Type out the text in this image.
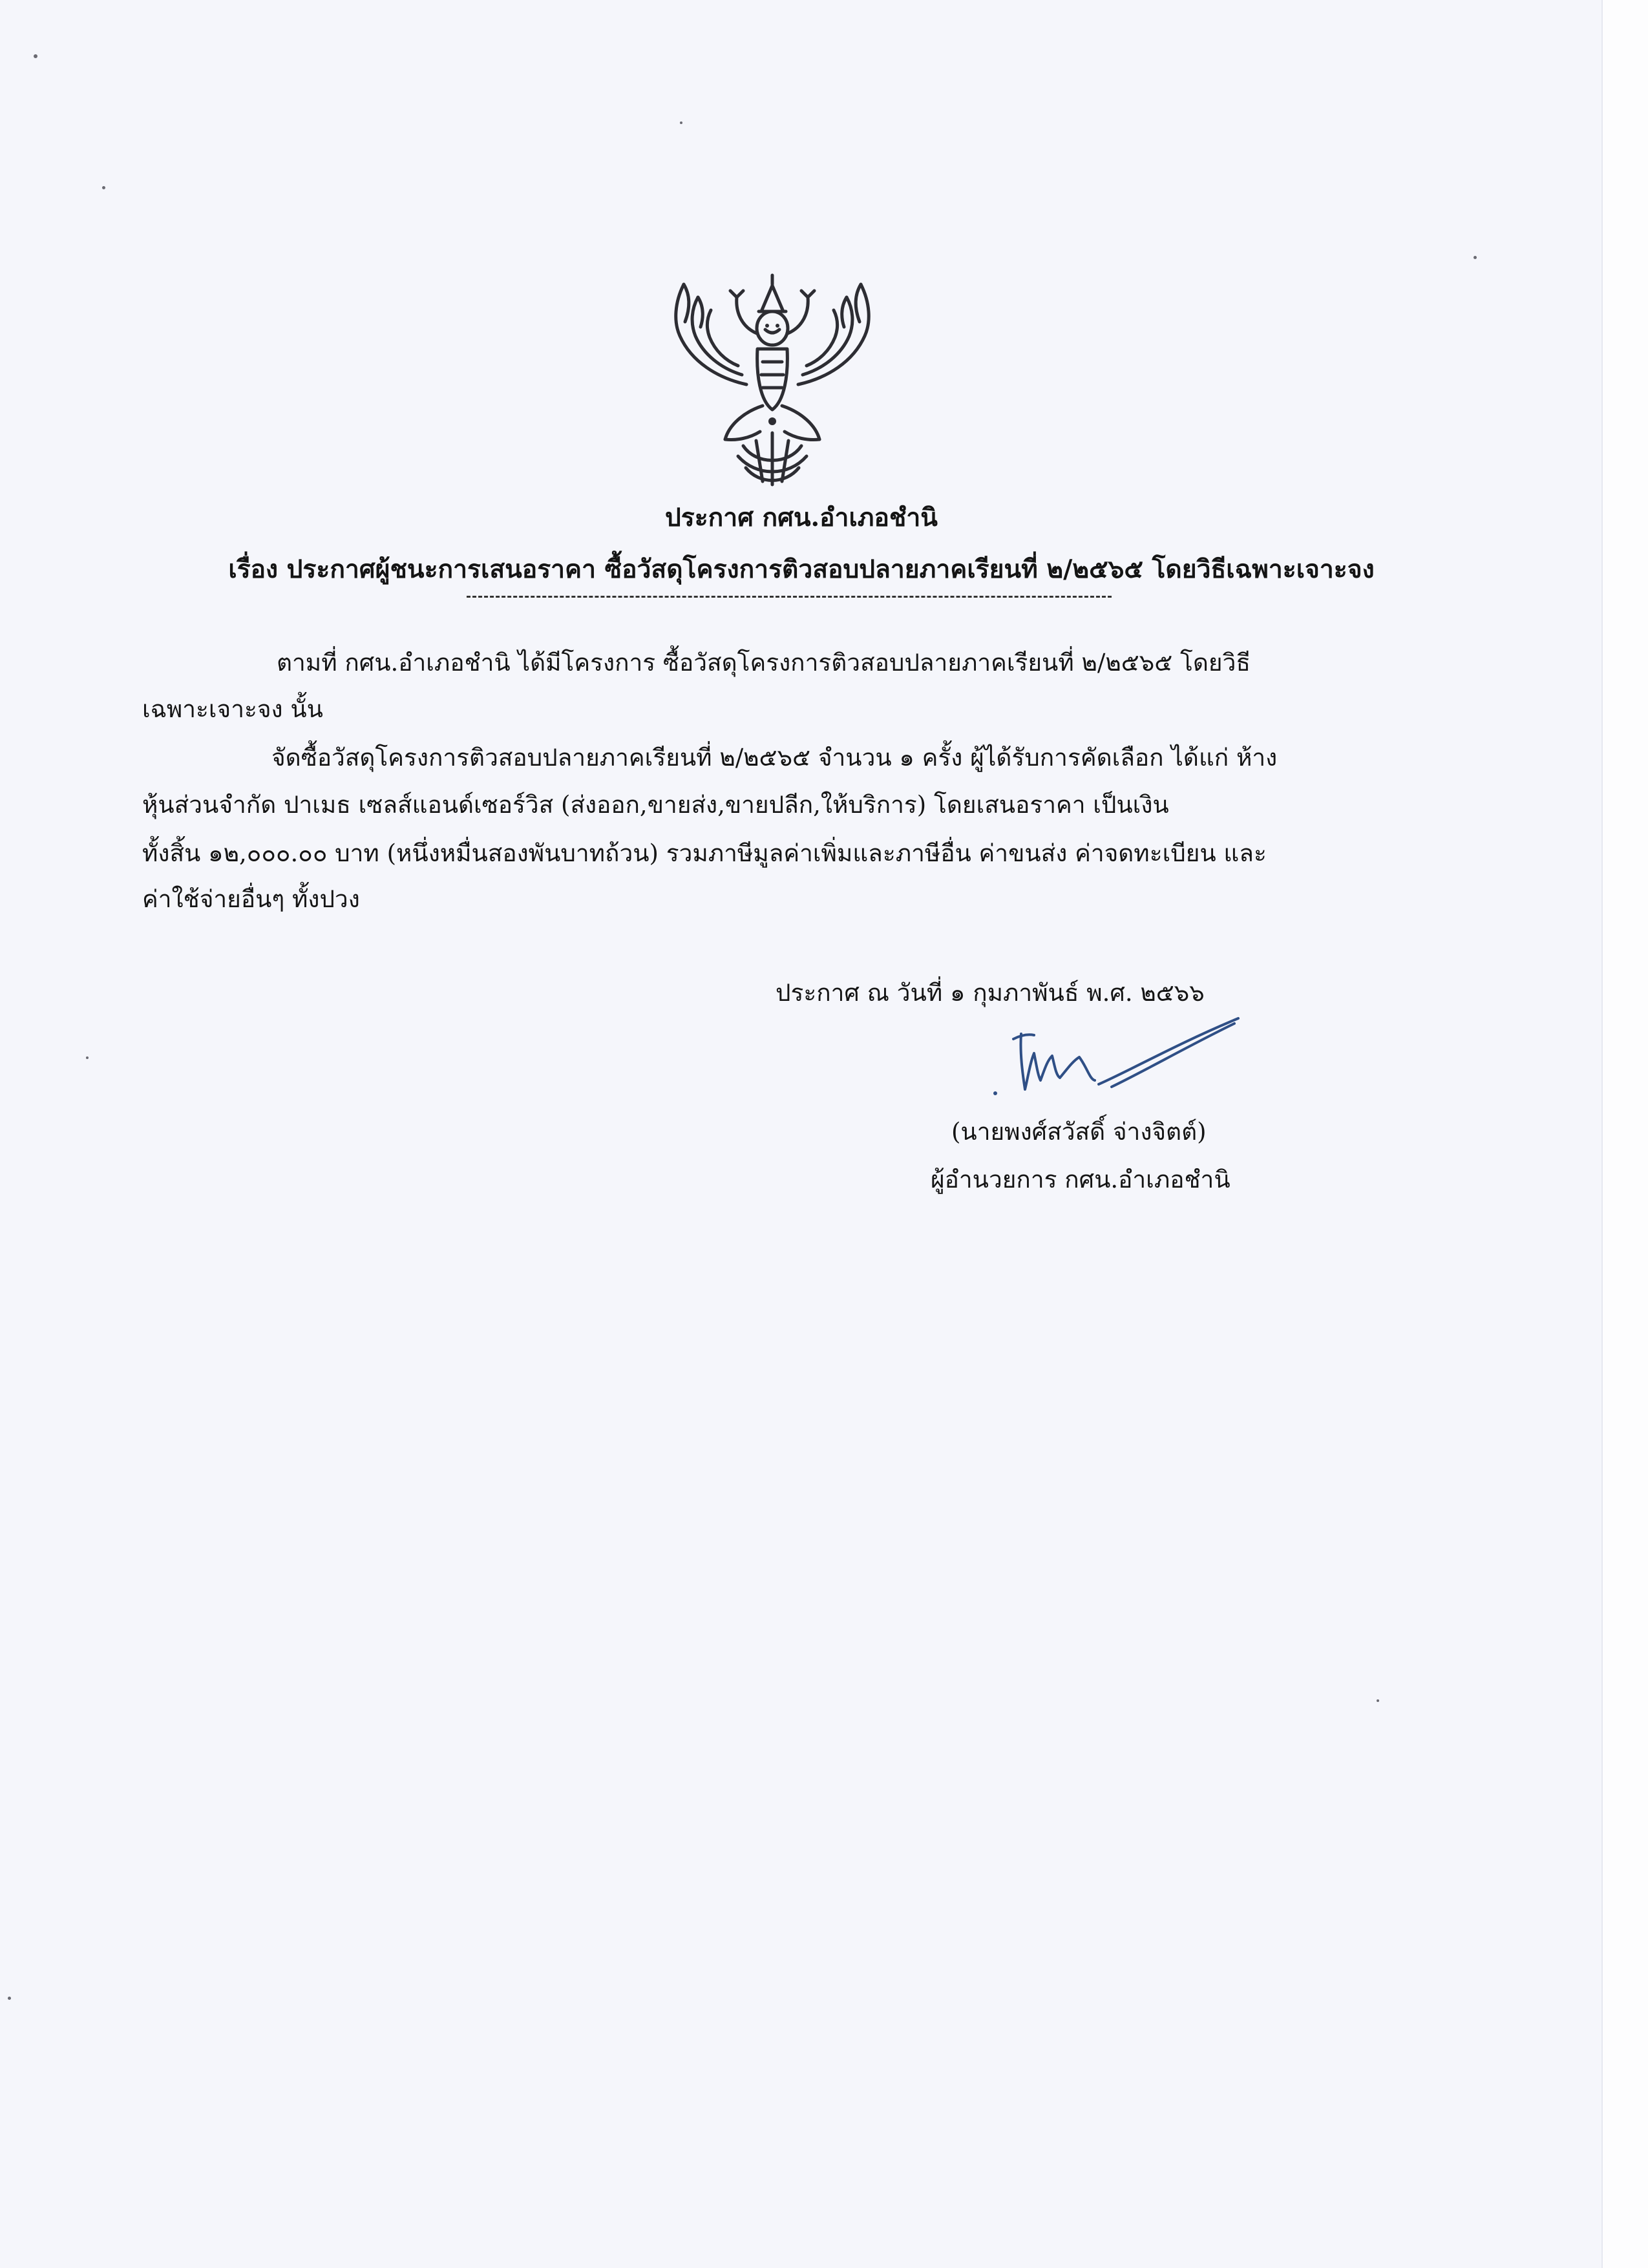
ประกาศ กศน.อำเภอชำนิ
เรื่อง ประกาศผู้ชนะการเสนอราคา ซื้อวัสดุโครงการติวสอบปลายภาคเรียนที่ ๒/๒๕๖๕ โดยวิธีเฉพาะเจาะจง
ตามที่ กศน.อำเภอชำนิ ได้มีโครงการ ซื้อวัสดุโครงการติวสอบปลายภาคเรียนที่ ๒/๒๕๖๕ โดยวิธี
เฉพาะเจาะจง นั้น
จัดซื้อวัสดุโครงการติวสอบปลายภาคเรียนที่ ๒/๒๕๖๕ จำนวน ๑ ครั้ง ผู้ได้รับการคัดเลือก ได้แก่ ห้าง
หุ้นส่วนจำกัด ปาเมธ เซลส์แอนด์เซอร์วิส (ส่งออก,ขายส่ง,ขายปลีก,ให้บริการ) โดยเสนอราคา เป็นเงิน
ทั้งสิ้น ๑๒,๐๐๐.๐๐ บาท (หนึ่งหมื่นสองพันบาทถ้วน) รวมภาษีมูลค่าเพิ่มและภาษีอื่น ค่าขนส่ง ค่าจดทะเบียน และ
ค่าใช้จ่ายอื่นๆ ทั้งปวง
ประกาศ ณ วันที่ ๑ กุมภาพันธ์ พ.ศ. ๒๕๖๖
(นายพงศ์สวัสดิ์ จ่างจิตต์)
ผู้อำนวยการ กศน.อำเภอชำนิ
